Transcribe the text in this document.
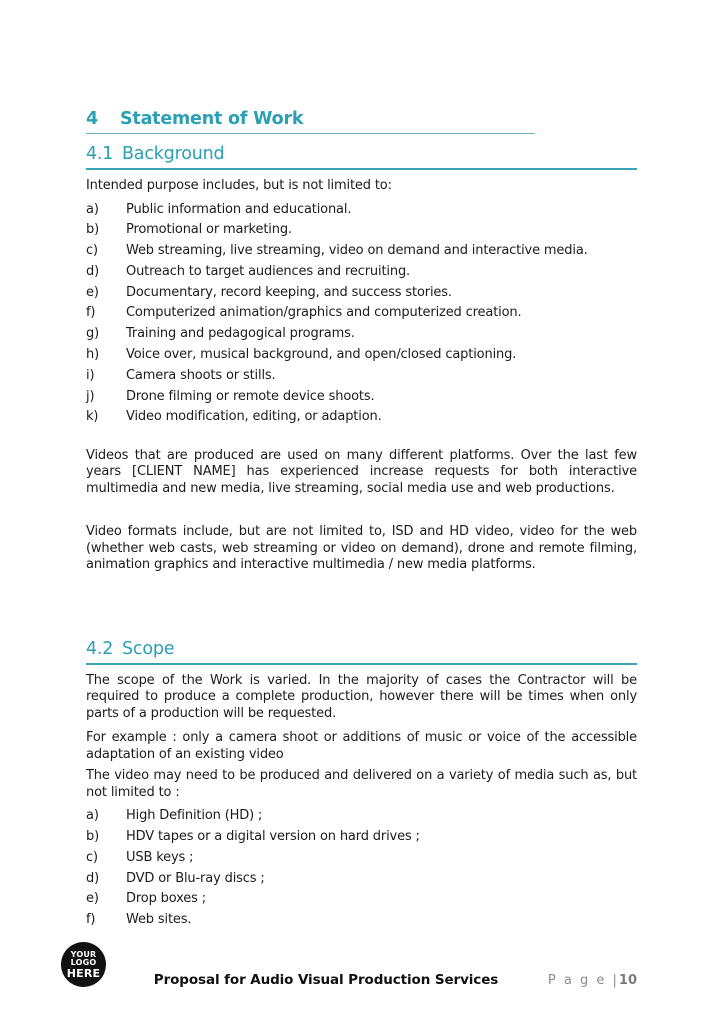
4	Statement of Work
4.1 Background

Intended purpose includes, but is not limited to:

a)	Public information and educational.
b)	Promotional or marketing.
c)	Web streaming, live streaming, video on demand and interactive media.
d)	Outreach to target audiences and recruiting.
e)	Documentary, record keeping, and success stories.
f)	Computerized animation/graphics and computerized creation.
g)	Training and pedagogical programs.
h)	Voice over, musical background, and open/closed captioning.
i)	Camera shoots or stills.
j)	Drone filming or remote device shoots.
k)	Video modification, editing, or adaption.

Videos that are produced are used on many different platforms. Over the last few years [CLIENT NAME] has experienced increase requests for both interactive multimedia and new media, live streaming, social media use and web productions.

Video formats include, but are not limited to, ISD and HD video, video for the web (whether web casts, web streaming or video on demand), drone and remote filming, animation graphics and interactive multimedia / new media platforms.

4.2 Scope

The scope of the Work is varied. In the majority of cases the Contractor will be required to produce a complete production, however there will be times when only parts of a production will be requested.

For example : only a camera shoot or additions of music or voice of the accessible adaptation of an existing video

The video may need to be produced and delivered on a variety of media such as, but not limited to :

a)	High Definition (HD) ;
b)	HDV tapes or a digital version on hard drives ;
c)	USB keys ;
d)	DVD or Blu-ray discs ;
e)	Drop boxes ;
f)	Web sites.
YOUR
LOGO
HERE	Proposal for Audio Visual Production Services	P a g e |10
